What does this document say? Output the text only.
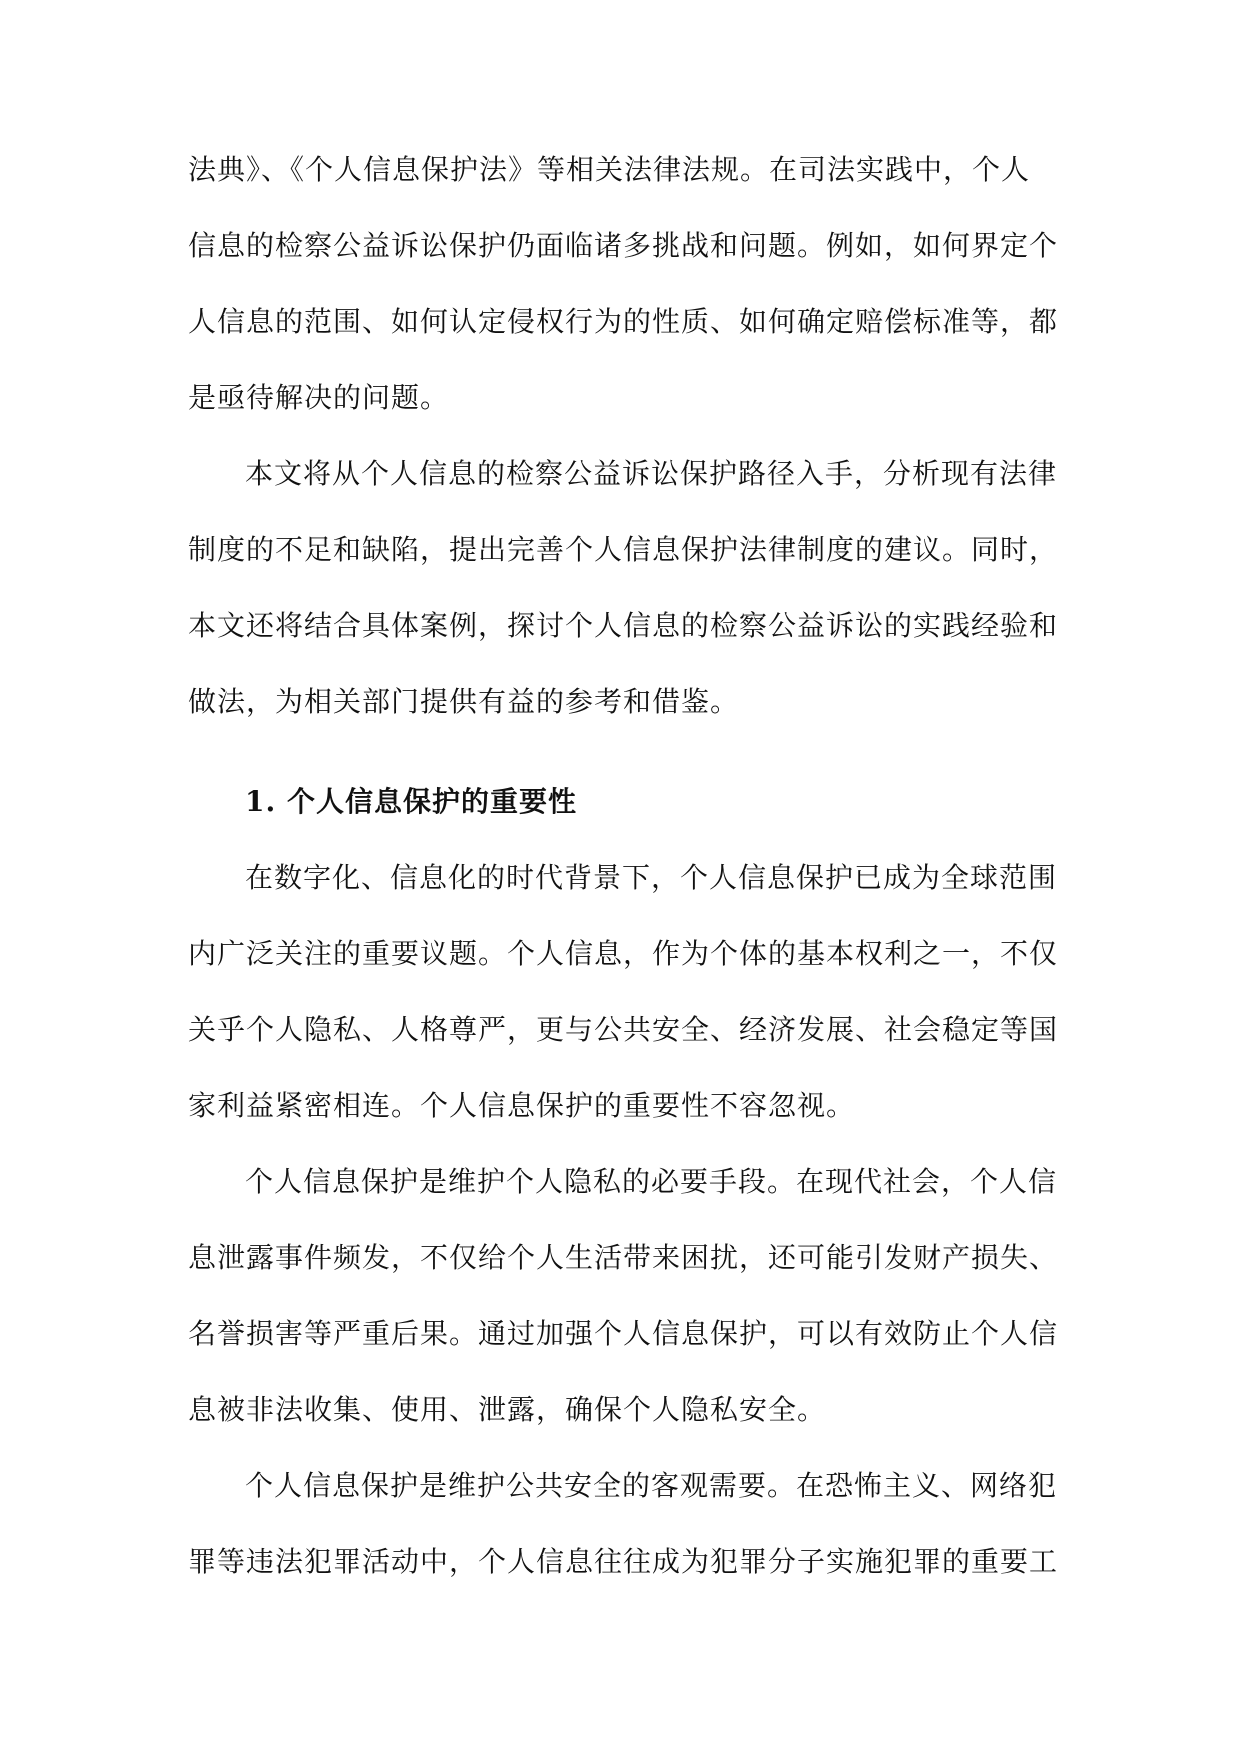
法典》、《个人信息保护法》等相关法律法规。在司法实践中，个人
信息的检察公益诉讼保护仍面临诸多挑战和问题。例如，如何界定个
人信息的范围、如何认定侵权行为的性质、如何确定赔偿标准等，都
是亟待解决的问题。
本文将从个人信息的检察公益诉讼保护路径入手，分析现有法律
制度的不足和缺陷，提出完善个人信息保护法律制度的建议。同时，
本文还将结合具体案例，探讨个人信息的检察公益诉讼的实践经验和
做法，为相关部门提供有益的参考和借鉴。
1. 个人信息保护的重要性
在数字化、信息化的时代背景下，个人信息保护已成为全球范围
内广泛关注的重要议题。个人信息，作为个体的基本权利之一，不仅
关乎个人隐私、人格尊严，更与公共安全、经济发展、社会稳定等国
家利益紧密相连。个人信息保护的重要性不容忽视。
个人信息保护是维护个人隐私的必要手段。在现代社会，个人信
息泄露事件频发，不仅给个人生活带来困扰，还可能引发财产损失、
名誉损害等严重后果。通过加强个人信息保护，可以有效防止个人信
息被非法收集、使用、泄露，确保个人隐私安全。
个人信息保护是维护公共安全的客观需要。在恐怖主义、网络犯
罪等违法犯罪活动中，个人信息往往成为犯罪分子实施犯罪的重要工
